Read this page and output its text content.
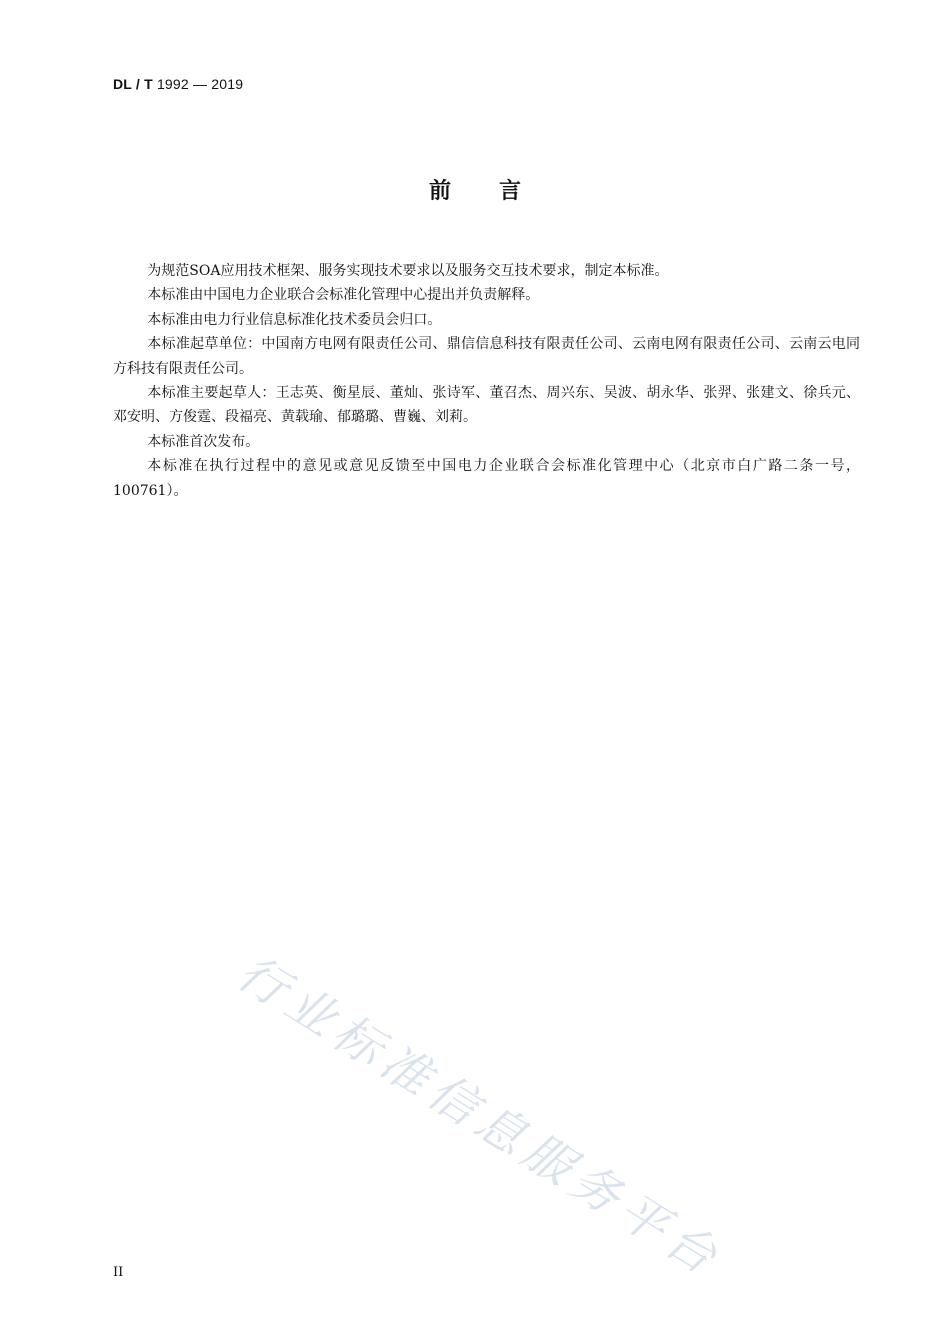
DL / T 1992 — 2019
前言

为规范SOA应用技术框架、服务实现技术要求以及服务交互技术要求，制定本标准。

本标准由中国电力企业联合会标准化管理中心提出并负责解释。

本标准由电力行业信息标准化技术委员会归口。

本标准起草单位：中国南方电网有限责任公司、鼎信信息科技有限责任公司、云南电网有限责任公司、云南云电同方科技有限责任公司。

本标准主要起草人：王志英、衡星辰、董灿、张诗军、董召杰、周兴东、吴波、胡永华、张羿、张建文、徐兵元、邓安明、方俊霆、段福亮、黄载瑜、郁璐璐、曹巍、刘莉。

本标准首次发布。

本标准在执行过程中的意见或意见反馈至中国电力企业联合会标准化管理中心（北京市白广路二条一号，100761）。

行业标准信息服务平台
II
